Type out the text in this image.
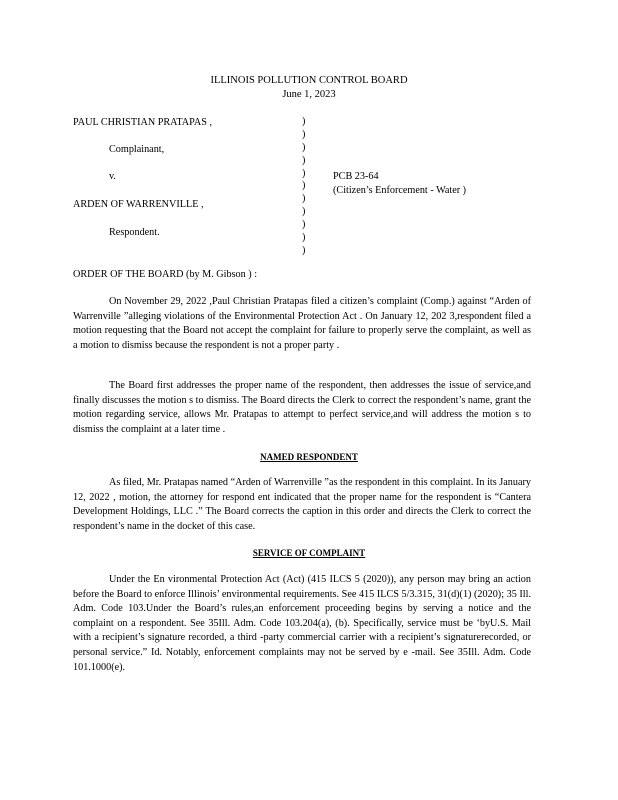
ILLINOIS POLLUTION CONTROL BOARD
June 1, 2023
PAUL CHRISTIAN PRATAPAS ,
Complainant,
v.
ARDEN OF WARRENVILLE ,
Respondent.
)
)
)
)
)
)
)
)
)
)
)
PCB 23-64
(Citizen’s Enforcement - Water )
ORDER OF THE BOARD (by M. Gibson ) :

On November 29, 2022 ,Paul Christian Pratapas filed a citizen’s complaint (Comp.) against “Arden of Warrenville ”alleging violations of the Environmental Protection Act . On January 12, 202 3,respondent filed a motion requesting that the Board not accept the complaint for failure to properly serve the complaint, as well as a motion to dismiss because the respondent is not a proper party .

The Board first addresses the proper name of the respondent, then addresses the issue of service,and finally discusses the motion s to dismiss. The Board directs the Clerk to correct the respondent’s name, grant the motion regarding service, allows Mr. Pratapas to attempt to perfect service,and will address the motion s to dismiss the complaint at a later time .

NAMED RESPONDENT

As filed, Mr. Pratapas named “Arden of Warrenville ”as the respondent in this complaint. In its January 12, 2022 , motion, the attorney for respond ent indicated that the proper name for the respondent is “Cantera Development Holdings, LLC .” The Board corrects the caption in this order and directs the Clerk to correct the respondent’s name in the docket of this case.

SERVICE OF COMPLAINT

Under the En vironmental Protection Act (Act) (415 ILCS 5 (2020)), any person may bring an action before the Board to enforce Illinois’ environmental requirements. See 415 ILCS 5/3.315, 31(d)(1) (2020); 35 Ill. Adm. Code 103.Under the Board’s rules,an enforcement proceeding begins by serving a notice and the complaint on a respondent. See 35Ill. Adm. Code 103.204(a), (b). Specifically, service must be ‘byU.S. Mail with a recipient’s signature recorded, a third -party commercial carrier with a recipient’s signaturerecorded, or personal service.” Id. Notably, enforcement complaints may not be served by e -mail. See 35Ill. Adm. Code 101.1000(e).
